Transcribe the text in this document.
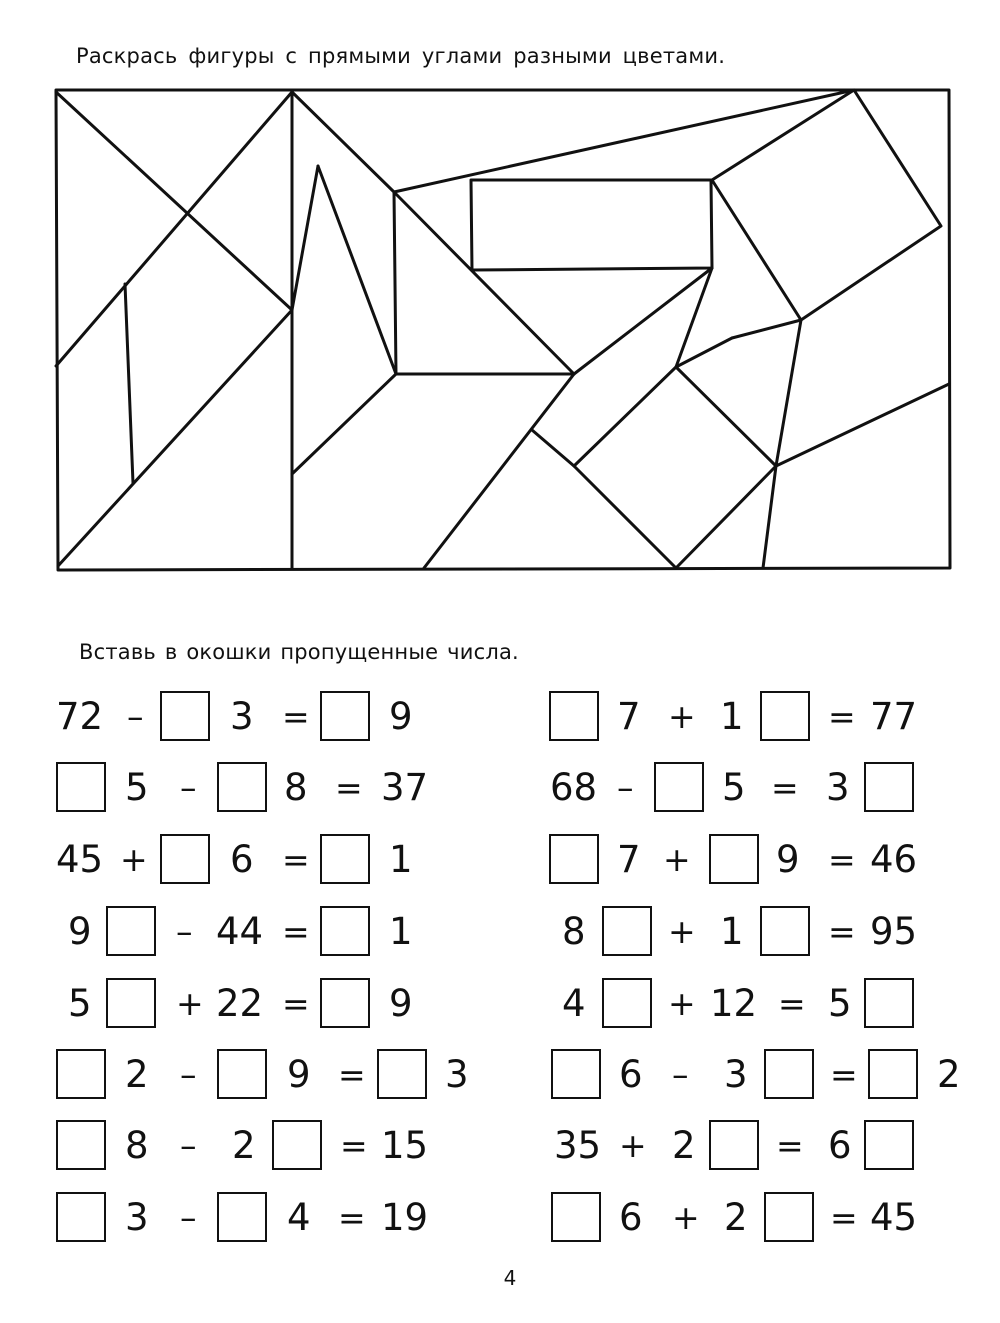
Раскрась фигуры с прямыми углами разными цветами.
Вставь в окошки пропущенные числа.
72 – 3 = 9
5 – 8 = 37
45 + 6 = 1
9	– 44 = 1
5	+ 22 = 9
2 – 9 = 3
8 – 2	= 15
3 – 4 = 19
7 + 1	= 77
68 – 5 = 3
7 + 9 = 46
8 + 1	= 95
4 + 12 = 5
6 – 3 = 2
35 + 2 = 6
6 + 2 = 45
4
